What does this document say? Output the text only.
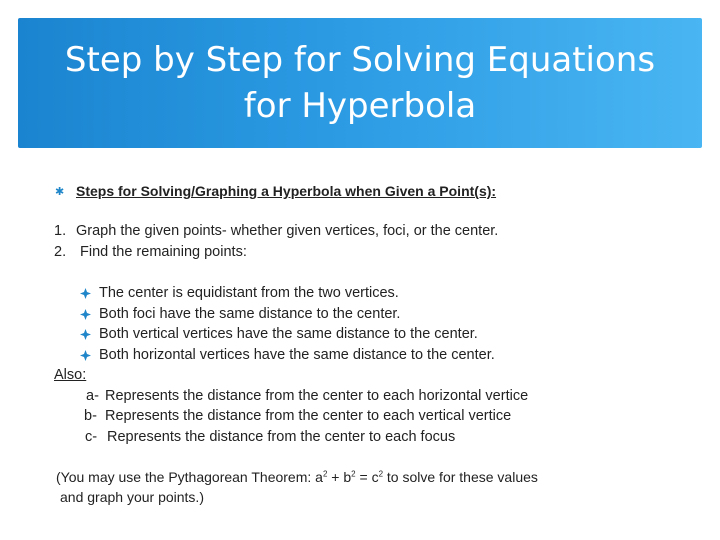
Step by Step for Solving Equations
for Hyperbola
✱ Steps for Solving/Graphing a Hyperbola when Given a Point(s):
1. Graph the given points- whether given vertices, foci, or the center.
2. Find the remaining points:
The center is equidistant from the two vertices.
Both foci have the same distance to the center.
Both vertical vertices have the same distance to the center.
Both horizontal vertices have the same distance to the center.
Also:
a- Represents the distance from the center to each horizontal vertice
b- Represents the distance from the center to each vertical vertice
c- Represents the distance from the center to each focus
(You may use the Pythagorean Theorem: $a^2 + b^2 = c^2$ to solve for these values
and graph your points.)
